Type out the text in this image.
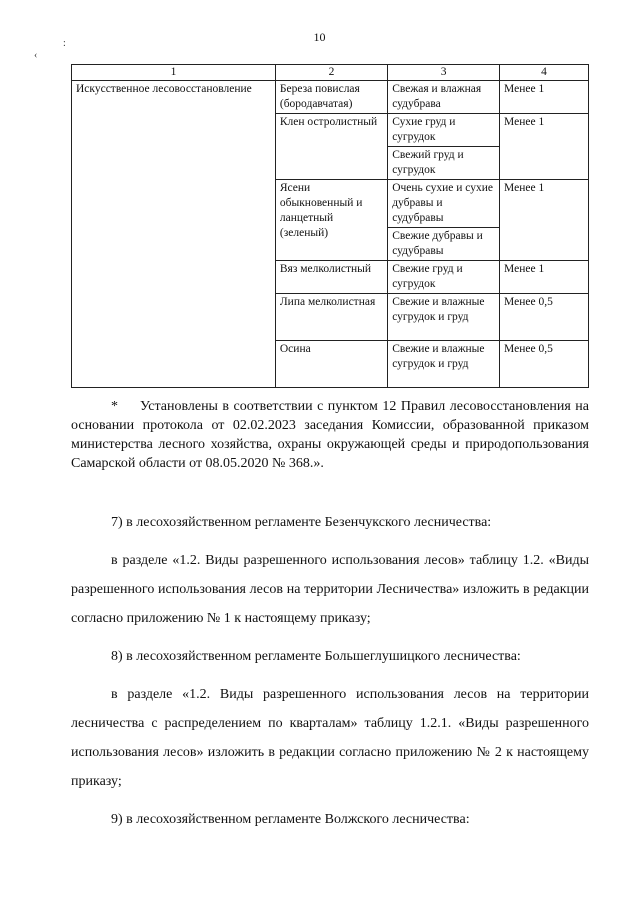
10
:
‹
1	2	3	4
Искусственное лесовосстановление	Береза повислая (бородавчатая)	Свежая и влажная судубрава	Менее 1
	Клен остролистный	Сухие груд и сугрудок	Менее 1
		Свежий груд и сугрудок	
	Ясени обыкновенный и ланцетный (зеленый)	Очень сухие и сухие дубравы и судубравы	Менее 1
		Свежие дубравы и судубравы	
	Вяз мелколистный	Свежие груд и сугрудок	Менее 1
	Липа мелколистная	Свежие и влажные сугрудок и груд	Менее 0,5
	Осина	Свежие и влажные сугрудок и груд	Менее 0,5
* Установлены в соответствии с пунктом 12 Правил лесовосстановления на основании протокола от 02.02.2023 заседания Комиссии, образованной приказом министерства лесного хозяйства, охраны окружающей среды и природопользования Самарской области от 08.05.2020 № 368.».

7) в лесохозяйственном регламенте Безенчукского лесничества:

в разделе «1.2. Виды разрешенного использования лесов» таблицу 1.2. «Виды разрешенного использования лесов на территории Лесничества» изложить в редакции согласно приложению № 1 к настоящему приказу;

8) в лесохозяйственном регламенте Большеглушицкого лесничества:

в разделе «1.2. Виды разрешенного использования лесов на территории лесничества с распределением по кварталам» таблицу 1.2.1. «Виды разрешенного использования лесов» изложить в редакции согласно приложению № 2 к настоящему приказу;

9) в лесохозяйственном регламенте Волжского лесничества:
